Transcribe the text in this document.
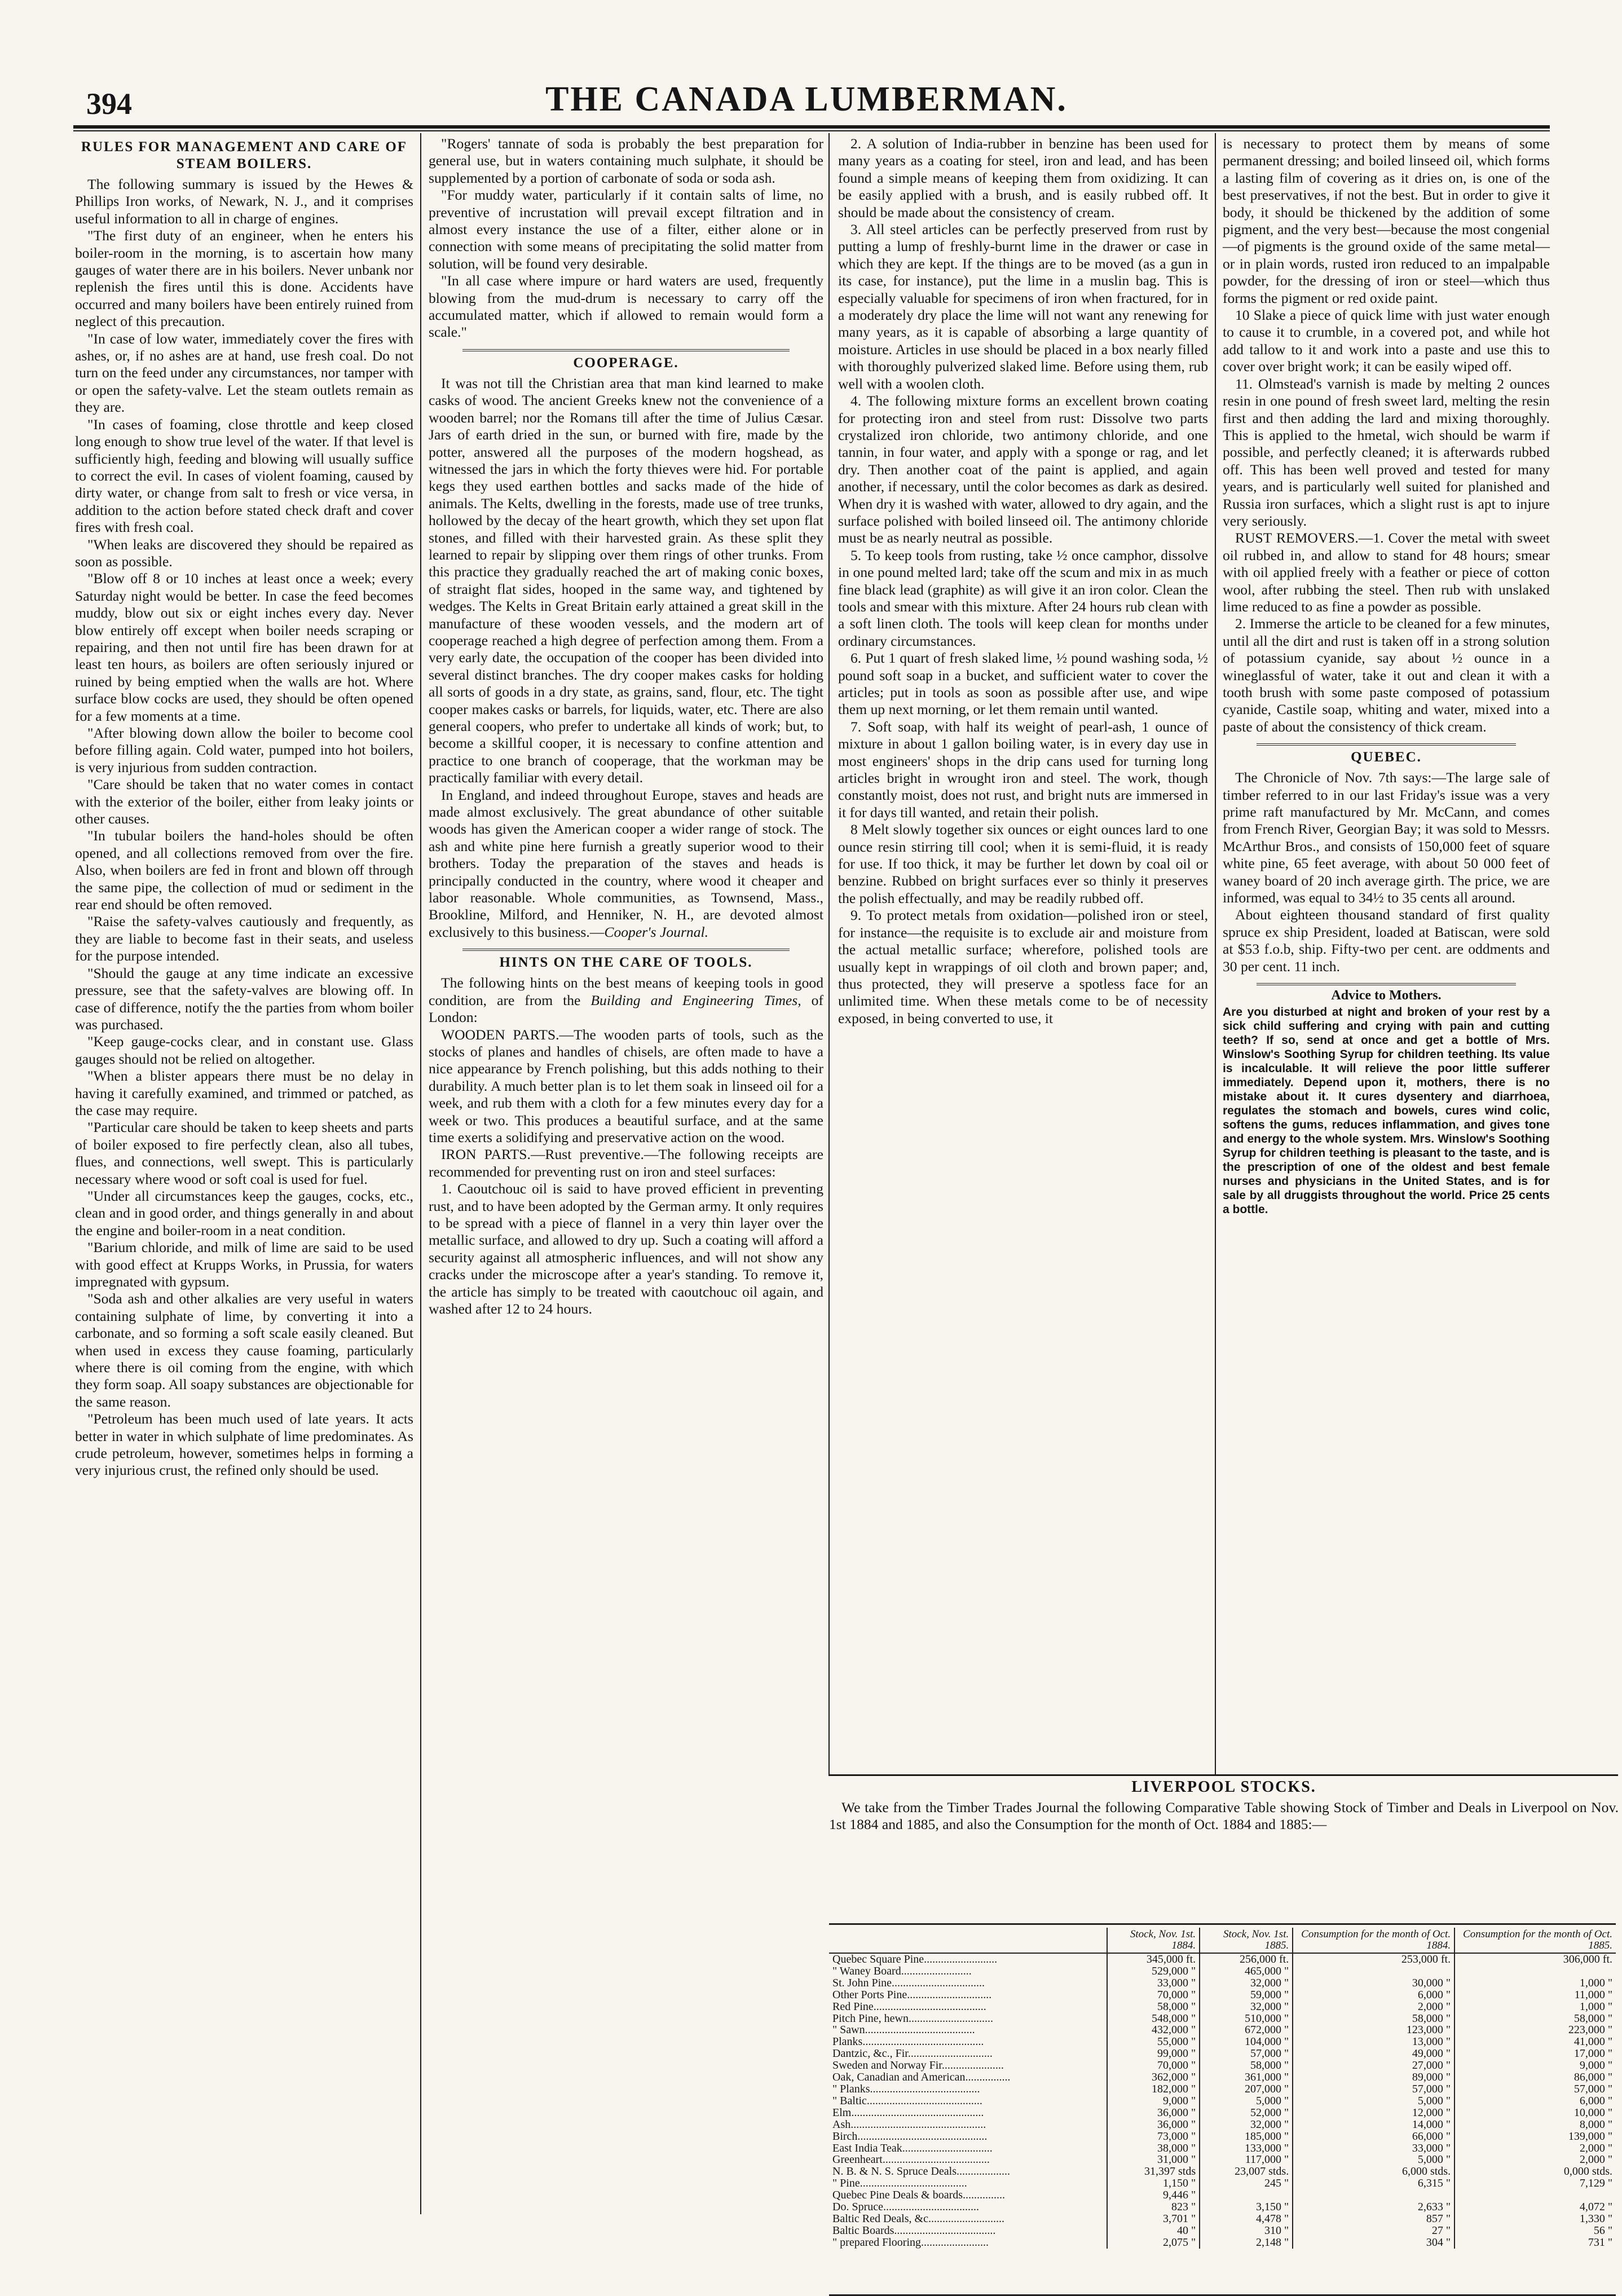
394	THE CANADA LUMBERMAN.
RULES FOR MANAGEMENT AND CARE OF STEAM BOILERS.

The following summary is issued by the Hewes & Phillips Iron works, of Newark, N. J., and it comprises useful information to all in charge of engines.

"The first duty of an engineer, when he enters his boiler-room in the morning, is to ascertain how many gauges of water there are in his boilers. Never unbank nor replenish the fires until this is done. Accidents have occurred and many boilers have been entirely ruined from neglect of this precaution.

"In case of low water, immediately cover the fires with ashes, or, if no ashes are at hand, use fresh coal. Do not turn on the feed under any circumstances, nor tamper with or open the safety-valve. Let the steam outlets remain as they are.

"In cases of foaming, close throttle and keep closed long enough to show true level of the water. If that level is sufficiently high, feeding and blowing will usually suffice to correct the evil. In cases of violent foaming, caused by dirty water, or change from salt to fresh or vice versa, in addition to the action before stated check draft and cover fires with fresh coal.

"When leaks are discovered they should be repaired as soon as possible.

"Blow off 8 or 10 inches at least once a week; every Saturday night would be better. In case the feed becomes muddy, blow out six or eight inches every day. Never blow entirely off except when boiler needs scraping or repairing, and then not until fire has been drawn for at least ten hours, as boilers are often seriously injured or ruined by being emptied when the walls are hot. Where surface blow cocks are used, they should be often opened for a few moments at a time.

"After blowing down allow the boiler to become cool before filling again. Cold water, pumped into hot boilers, is very injurious from sudden contraction.

"Care should be taken that no water comes in contact with the exterior of the boiler, either from leaky joints or other causes.

"In tubular boilers the hand-holes should be often opened, and all collections removed from over the fire. Also, when boilers are fed in front and blown off through the same pipe, the collection of mud or sediment in the rear end should be often removed.

"Raise the safety-valves cautiously and frequently, as they are liable to become fast in their seats, and useless for the purpose intended.

"Should the gauge at any time indicate an excessive pressure, see that the safety-valves are blowing off. In case of difference, notify the the parties from whom boiler was purchased.

"Keep gauge-cocks clear, and in constant use. Glass gauges should not be relied on altogether.

"When a blister appears there must be no delay in having it carefully examined, and trimmed or patched, as the case may require.

"Particular care should be taken to keep sheets and parts of boiler exposed to fire perfectly clean, also all tubes, flues, and connections, well swept. This is particularly necessary where wood or soft coal is used for fuel.

"Under all circumstances keep the gauges, cocks, etc., clean and in good order, and things generally in and about the engine and boiler-room in a neat condition.

"Barium chloride, and milk of lime are said to be used with good effect at Krupps Works, in Prussia, for waters impregnated with gypsum.

"Soda ash and other alkalies are very useful in waters containing sulphate of lime, by converting it into a carbonate, and so forming a soft scale easily cleaned. But when used in excess they cause foaming, particularly where there is oil coming from the engine, with which they form soap. All soapy substances are objectionable for the same reason.

"Petroleum has been much used of late years. It acts better in water in which sulphate of lime predominates. As crude petroleum, however, sometimes helps in forming a very injurious crust, the refined only should be used.

"Rogers' tannate of soda is probably the best preparation for general use, but in waters containing much sulphate, it should be supplemented by a portion of carbonate of soda or soda ash.

"For muddy water, particularly if it contain salts of lime, no preventive of incrustation will prevail except filtration and in almost every instance the use of a filter, either alone or in connection with some means of precipitating the solid matter from solution, will be found very desirable.

"In all case where impure or hard waters are used, frequently blowing from the mud-drum is necessary to carry off the accumulated matter, which if allowed to remain would form a scale."

COOPERAGE.

It was not till the Christian area that man kind learned to make casks of wood. The ancient Greeks knew not the convenience of a wooden barrel; nor the Romans till after the time of Julius Cæsar. Jars of earth dried in the sun, or burned with fire, made by the potter, answered all the purposes of the modern hogshead, as witnessed the jars in which the forty thieves were hid. For portable kegs they used earthen bottles and sacks made of the hide of animals. The Kelts, dwelling in the forests, made use of tree trunks, hollowed by the decay of the heart growth, which they set upon flat stones, and filled with their harvested grain. As these split they learned to repair by slipping over them rings of other trunks. From this practice they gradually reached the art of making conic boxes, of straight flat sides, hooped in the same way, and tightened by wedges. The Kelts in Great Britain early attained a great skill in the manufacture of these wooden vessels, and the modern art of cooperage reached a high degree of perfection among them. From a very early date, the occupation of the cooper has been divided into several distinct branches. The dry cooper makes casks for holding all sorts of goods in a dry state, as grains, sand, flour, etc. The tight cooper makes casks or barrels, for liquids, water, etc. There are also general coopers, who prefer to undertake all kinds of work; but, to become a skillful cooper, it is necessary to confine attention and practice to one branch of cooperage, that the workman may be practically familiar with every detail.

In England, and indeed throughout Europe, staves and heads are made almost exclusively. The great abundance of other suitable woods has given the American cooper a wider range of stock. The ash and white pine here furnish a greatly superior wood to their brothers. Today the preparation of the staves and heads is principally conducted in the country, where wood it cheaper and labor reasonable. Whole communities, as Townsend, Mass., Brookline, Milford, and Henniker, N. H., are devoted almost exclusively to this business.—Cooper's Journal.

HINTS ON THE CARE OF TOOLS.

The following hints on the best means of keeping tools in good condition, are from the Building and Engineering Times, of London:

WOODEN PARTS.—The wooden parts of tools, such as the stocks of planes and handles of chisels, are often made to have a nice appearance by French polishing, but this adds nothing to their durability. A much better plan is to let them soak in linseed oil for a week, and rub them with a cloth for a few minutes every day for a week or two. This produces a beautiful surface, and at the same time exerts a solidifying and preservative action on the wood.

IRON PARTS.—Rust preventive.—The following receipts are recommended for preventing rust on iron and steel surfaces:

1. Caoutchouc oil is said to have proved efficient in preventing rust, and to have been adopted by the German army. It only requires to be spread with a piece of flannel in a very thin layer over the metallic surface, and allowed to dry up. Such a coating will afford a security against all atmospheric influences, and will not show any cracks under the microscope after a year's standing. To remove it, the article has simply to be treated with caoutchouc oil again, and washed after 12 to 24 hours.

2. A solution of India-rubber in benzine has been used for many years as a coating for steel, iron and lead, and has been found a simple means of keeping them from oxidizing. It can be easily applied with a brush, and is easily rubbed off. It should be made about the consistency of cream.

3. All steel articles can be perfectly preserved from rust by putting a lump of freshly-burnt lime in the drawer or case in which they are kept. If the things are to be moved (as a gun in its case, for instance), put the lime in a muslin bag. This is especially valuable for specimens of iron when fractured, for in a moderately dry place the lime will not want any renewing for many years, as it is capable of absorbing a large quantity of moisture. Articles in use should be placed in a box nearly filled with thoroughly pulverized slaked lime. Before using them, rub well with a woolen cloth.

4. The following mixture forms an excellent brown coating for protecting iron and steel from rust: Dissolve two parts crystalized iron chloride, two antimony chloride, and one tannin, in four water, and apply with a sponge or rag, and let dry. Then another coat of the paint is applied, and again another, if necessary, until the color becomes as dark as desired. When dry it is washed with water, allowed to dry again, and the surface polished with boiled linseed oil. The antimony chloride must be as nearly neutral as possible.

5. To keep tools from rusting, take ½ once camphor, dissolve in one pound melted lard; take off the scum and mix in as much fine black lead (graphite) as will give it an iron color. Clean the tools and smear with this mixture. After 24 hours rub clean with a soft linen cloth. The tools will keep clean for months under ordinary circumstances.

6. Put 1 quart of fresh slaked lime, ½ pound washing soda, ½ pound soft soap in a bucket, and sufficient water to cover the articles; put in tools as soon as possible after use, and wipe them up next morning, or let them remain until wanted.

7. Soft soap, with half its weight of pearl-ash, 1 ounce of mixture in about 1 gallon boiling water, is in every day use in most engineers' shops in the drip cans used for turning long articles bright in wrought iron and steel. The work, though constantly moist, does not rust, and bright nuts are immersed in it for days till wanted, and retain their polish.

8 Melt slowly together six ounces or eight ounces lard to one ounce resin stirring till cool; when it is semi-fluid, it is ready for use. If too thick, it may be further let down by coal oil or benzine. Rubbed on bright surfaces ever so thinly it preserves the polish effectually, and may be readily rubbed off.

9. To protect metals from oxidation—polished iron or steel, for instance—the requisite is to exclude air and moisture from the actual metallic surface; wherefore, polished tools are usually kept in wrappings of oil cloth and brown paper; and, thus protected, they will preserve a spotless face for an unlimited time. When these metals come to be of necessity exposed, in being converted to use, it

is necessary to protect them by means of some permanent dressing; and boiled linseed oil, which forms a lasting film of covering as it dries on, is one of the best preservatives, if not the best. But in order to give it body, it should be thickened by the addition of some pigment, and the very best—because the most congenial—of pigments is the ground oxide of the same metal—or in plain words, rusted iron reduced to an impalpable powder, for the dressing of iron or steel—which thus forms the pigment or red oxide paint.

10 Slake a piece of quick lime with just water enough to cause it to crumble, in a covered pot, and while hot add tallow to it and work into a paste and use this to cover over bright work; it can be easily wiped off.

11. Olmstead's varnish is made by melting 2 ounces resin in one pound of fresh sweet lard, melting the resin first and then adding the lard and mixing thoroughly. This is applied to the hmetal, wich should be warm if possible, and perfectly cleaned; it is afterwards rubbed off. This has been well proved and tested for many years, and is particularly well suited for planished and Russia iron surfaces, which a slight rust is apt to injure very seriously.

RUST REMOVERS.—1. Cover the metal with sweet oil rubbed in, and allow to stand for 48 hours; smear with oil applied freely with a feather or piece of cotton wool, after rubbing the steel. Then rub with unslaked lime reduced to as fine a powder as possible.

2. Immerse the article to be cleaned for a few minutes, until all the dirt and rust is taken off in a strong solution of potassium cyanide, say about ½ ounce in a wineglassful of water, take it out and clean it with a tooth brush with some paste composed of potassium cyanide, Castile soap, whiting and water, mixed into a paste of about the consistency of thick cream.

QUEBEC.

The Chronicle of Nov. 7th says:—The large sale of timber referred to in our last Friday's issue was a very prime raft manufactured by Mr. McCann, and comes from French River, Georgian Bay; it was sold to Messrs. McArthur Bros., and consists of 150,000 feet of square white pine, 65 feet average, with about 50 000 feet of waney board of 20 inch average girth. The price, we are informed, was equal to 34½ to 35 cents all around.

About eighteen thousand standard of first quality spruce ex ship President, loaded at Batiscan, were sold at $53 f.o.b, ship. Fifty-two per cent. are oddments and 30 per cent. 11 inch.

Advice to Mothers.
Are you disturbed at night and broken of your rest by a sick child suffering and crying with pain and cutting teeth? If so, send at once and get a bottle of Mrs. Winslow's Soothing Syrup for children teething. Its value is incalculable. It will relieve the poor little sufferer immediately. Depend upon it, mothers, there is no mistake about it. It cures dysentery and diarrhoea, regulates the stomach and bowels, cures wind colic, softens the gums, reduces inflammation, and gives tone and energy to the whole system. Mrs. Winslow's Soothing Syrup for children teething is pleasant to the taste, and is the prescription of one of the oldest and best female nurses and physicians in the United States, and is for sale by all druggists throughout the world. Price 25 cents a bottle.
LIVERPOOL STOCKS.

We take from the Timber Trades Journal the following Comparative Table showing Stock of Timber and Deals in Liverpool on Nov. 1st 1884 and 1885, and also the Consumption for the month of Oct. 1884 and 1885:—

	Stock, Nov. 1st. 1884.	Stock, Nov. 1st. 1885.	Consumption for the month of Oct. 1884.	Consumption for the month of Oct. 1885.
Quebec Square Pine..........................	345,000 ft.	256,000 ft.	253,000 ft.	306,000 ft.
" Waney Board.........................	529,000 "	465,000 "		
St. John Pine.................................	33,000 "	32,000 "	30,000 "	1,000 "
Other Ports Pine..............................	70,000 "	59,000 "	6,000 "	11,000 "
Red Pine........................................	58,000 "	32,000 "	2,000 "	1,000 "
Pitch Pine, hewn..............................	548,000 "	510,000 "	58,000 "	58,000 "
" Sawn.......................................	432,000 "	672,000 "	123,000 "	223,000 "
Planks...........................................	55,000 "	104,000 "	13,000 "	41,000 "
Dantzic, &c., Fir..............................	99,000 "	57,000 "	49,000 "	17,000 "
Sweden and Norway Fir......................	70,000 "	58,000 "	27,000 "	9,000 "
Oak, Canadian and American................	362,000 "	361,000 "	89,000 "	86,000 "
" Planks.......................................	182,000 "	207,000 "	57,000 "	57,000 "
" Baltic.........................................	9,000 "	5,000 "	5,000 "	6,000 "
Elm...............................................	36,000 "	52,000 "	12,000 "	10,000 "
Ash................................................	36,000 "	32,000 "	14,000 "	8,000 "
Birch..............................................	73,000 "	185,000 "	66,000 "	139,000 "
East India Teak................................	38,000 "	133,000 "	33,000 "	2,000 "
Greenheart......................................	31,000 "	117,000 "	5,000 "	2,000 "
N. B. & N. S. Spruce Deals...................	31,397 stds	23,007 stds.	6,000 stds.	0,000 stds.
" Pine......................................	1,150 "	245 "	6,315 "	7,129 "
Quebec Pine Deals & boards...............	9,446 "			
Do. Spruce..................................	823 "	3,150 "	2,633 "	4,072 "
Baltic Red Deals, &c...........................	3,701 "	4,478 "	857 "	1,330 "
Baltic Boards....................................	40 "	310 "	27 "	56 "
" prepared Flooring........................	2,075 "	2,148 "	304 "	731 "
